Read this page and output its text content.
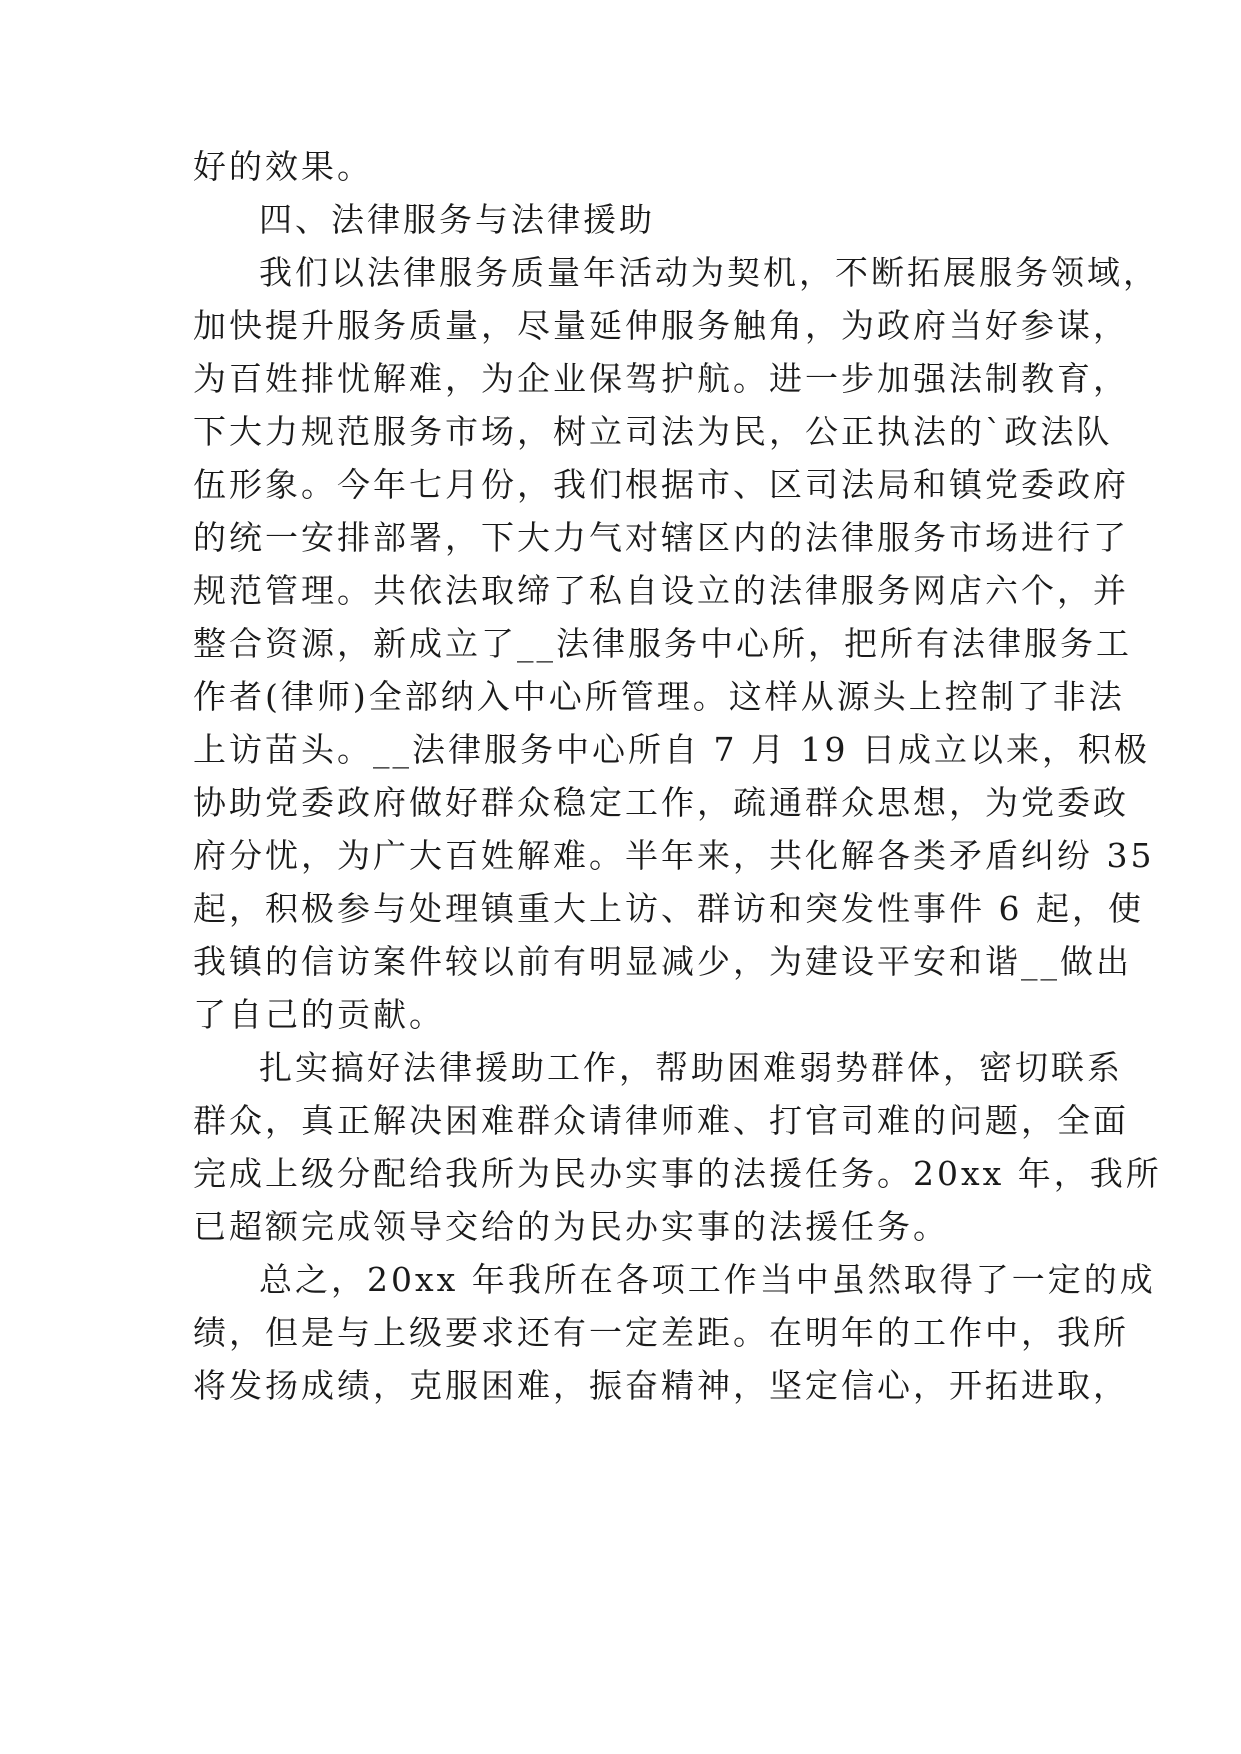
好的效果。
四、法律服务与法律援助
我们以法律服务质量年活动为契机，不断拓展服务领域，
加快提升服务质量，尽量延伸服务触角，为政府当好参谋，
为百姓排忧解难，为企业保驾护航。进一步加强法制教育，
下大力规范服务市场，树立司法为民，公正执法的`政法队
伍形象。今年七月份，我们根据市、区司法局和镇党委政府
的统一安排部署，下大力气对辖区内的法律服务市场进行了
规范管理。共依法取缔了私自设立的法律服务网店六个，并
整合资源，新成立了__法律服务中心所，把所有法律服务工
作者(律师)全部纳入中心所管理。这样从源头上控制了非法
上访苗头。__法律服务中心所自 7 月 19 日成立以来，积极
协助党委政府做好群众稳定工作，疏通群众思想，为党委政
府分忧，为广大百姓解难。半年来，共化解各类矛盾纠纷 35
起，积极参与处理镇重大上访、群访和突发性事件 6 起，使
我镇的信访案件较以前有明显减少，为建设平安和谐__做出
了自己的贡献。
扎实搞好法律援助工作，帮助困难弱势群体，密切联系
群众，真正解决困难群众请律师难、打官司难的问题，全面
完成上级分配给我所为民办实事的法援任务。20xx 年，我所
已超额完成领导交给的为民办实事的法援任务。
总之，20xx 年我所在各项工作当中虽然取得了一定的成
绩，但是与上级要求还有一定差距。在明年的工作中，我所
将发扬成绩，克服困难，振奋精神，坚定信心，开拓进取，
